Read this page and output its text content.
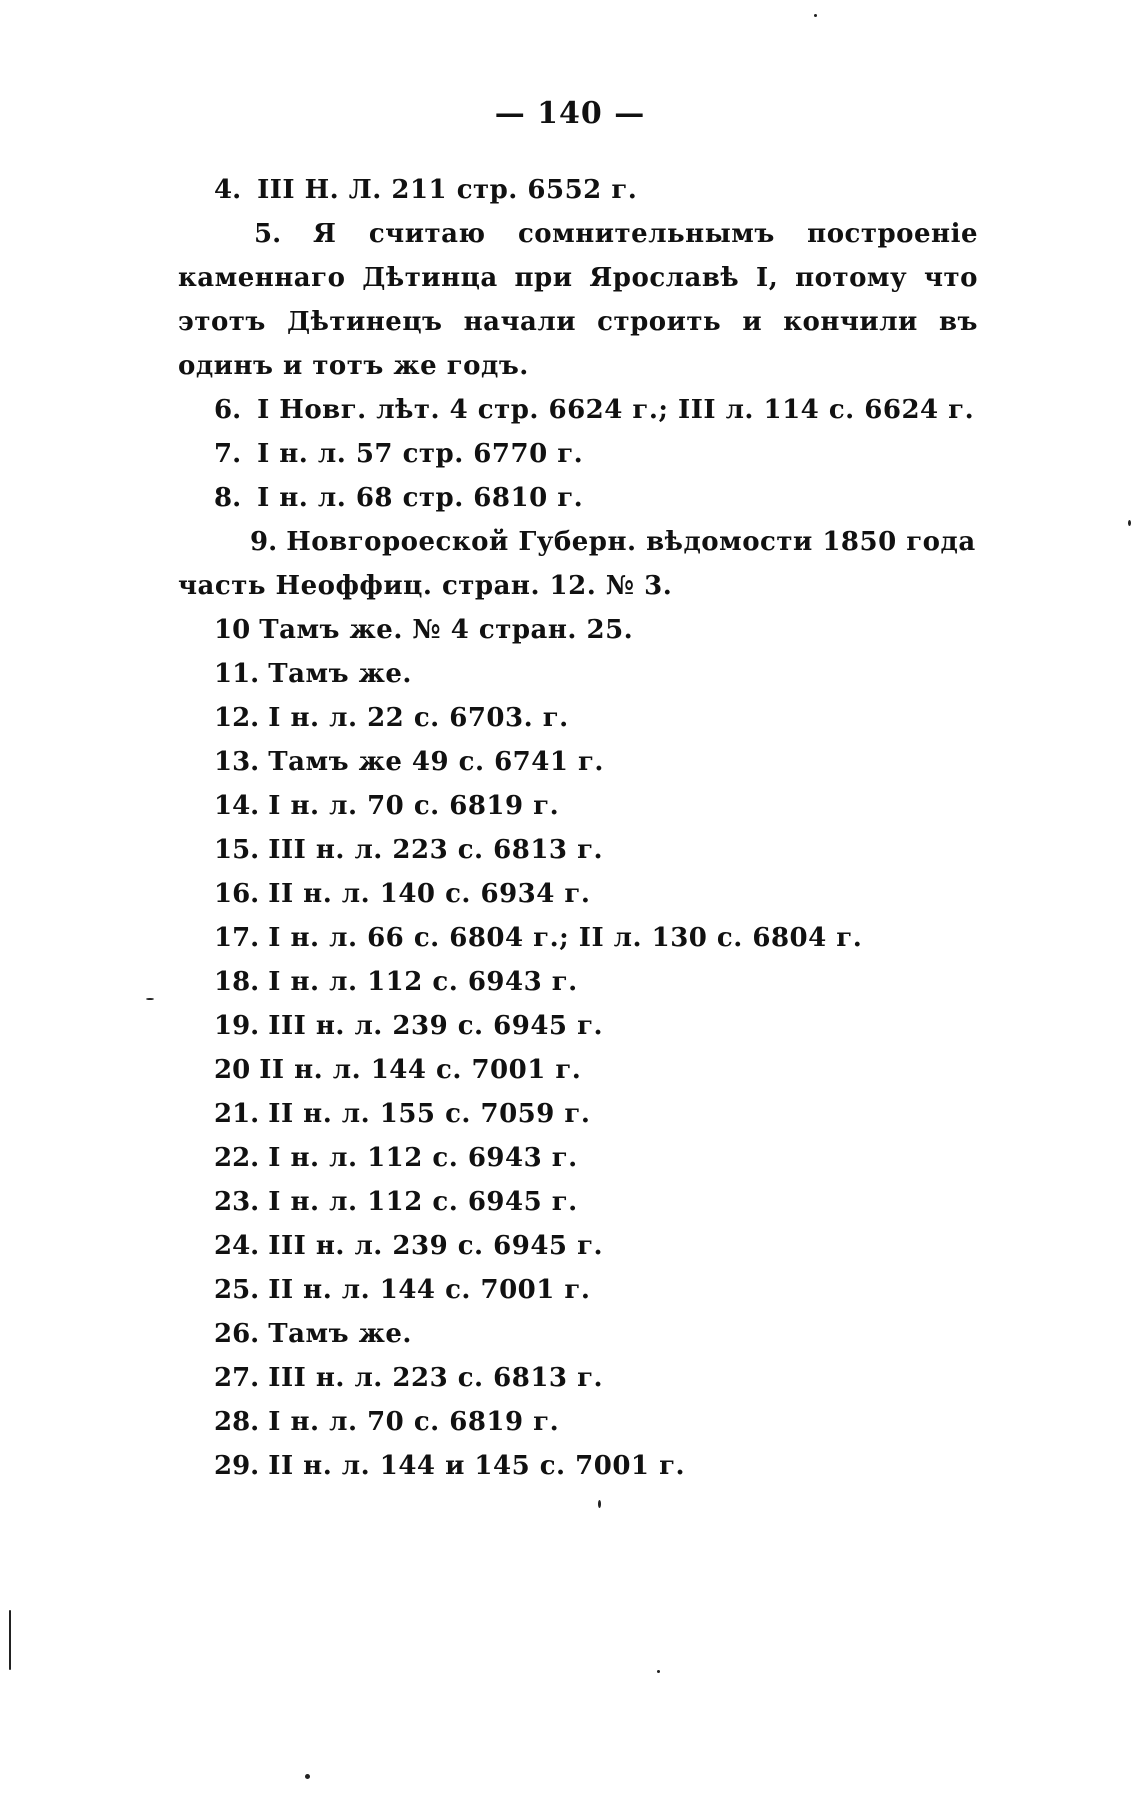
— 140 —

4. III Н. Л. 211 стр. 6552 г.

5. Я считаю сомнительнымъ построеніе каменнаго Дѣтинца при Ярославѣ I, потому что этотъ Дѣтинецъ начали строить и кончили въ одинъ и тотъ же годъ.

6. I Новг. лѣт. 4 стр. 6624 г.; III л. 114 с. 6624 г.

7. I н. л. 57 стр. 6770 г.

8. I н. л. 68 стр. 6810 г.

9. Новгороеской Губерн. вѣдомости 1850 года часть Неоффиц. стран. 12. № 3.

10 Тамъ же. № 4 стран. 25.

11. Тамъ же.

12. I н. л. 22 с. 6703. г.

13. Тамъ же 49 с. 6741 г.

14. I н. л. 70 с. 6819 г.

15. III н. л. 223 с. 6813 г.

16. II н. л. 140 с. 6934 г.

17. I н. л. 66 с. 6804 г.; II л. 130 с. 6804 г.

18. I н. л. 112 с. 6943 г.

19. III н. л. 239 с. 6945 г.

20 II н. л. 144 с. 7001 г.

21. II н. л. 155 с. 7059 г.

22. I н. л. 112 с. 6943 г.

23. I н. л. 112 с. 6945 г.

24. III н. л. 239 с. 6945 г.

25. II н. л. 144 с. 7001 г.

26. Тамъ же.

27. III н. л. 223 с. 6813 г.

28. I н. л. 70 с. 6819 г.

29. II н. л. 144 и 145 с. 7001 г.
